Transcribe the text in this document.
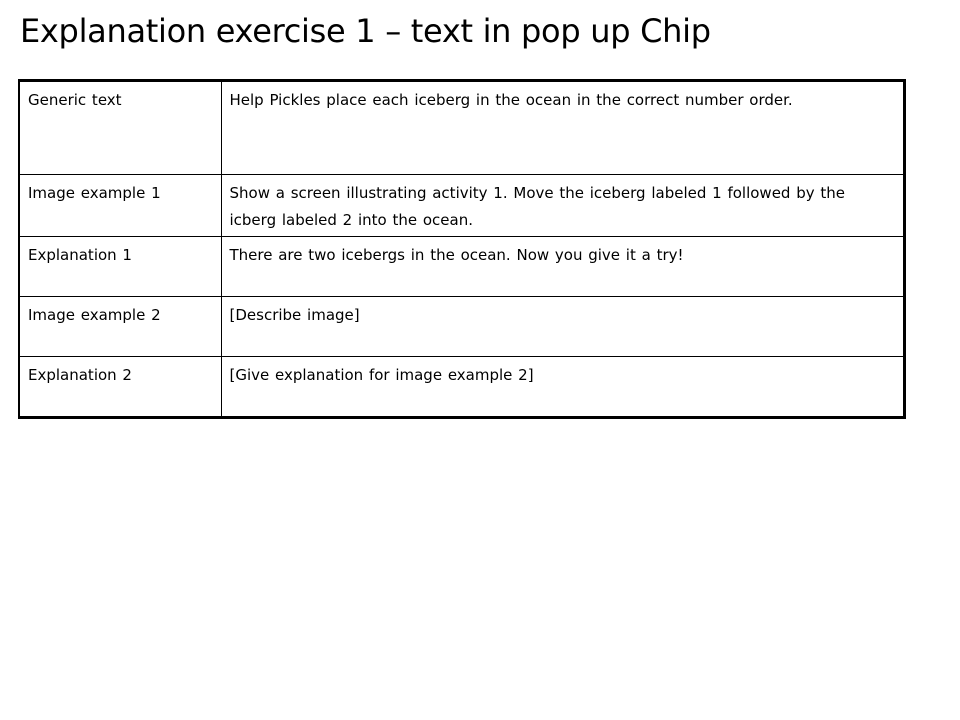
Explanation exercise 1 – text in pop up Chip
Generic text	Help Pickles place each iceberg in the ocean in the correct number order.
Image example 1	Show a screen illustrating activity 1. Move the iceberg labeled 1 followed by the icberg labeled 2 into the ocean.
Explanation 1	There are two icebergs in the ocean. Now you give it a try!
Image example 2	[Describe image]
Explanation 2	[Give explanation for image example 2]
